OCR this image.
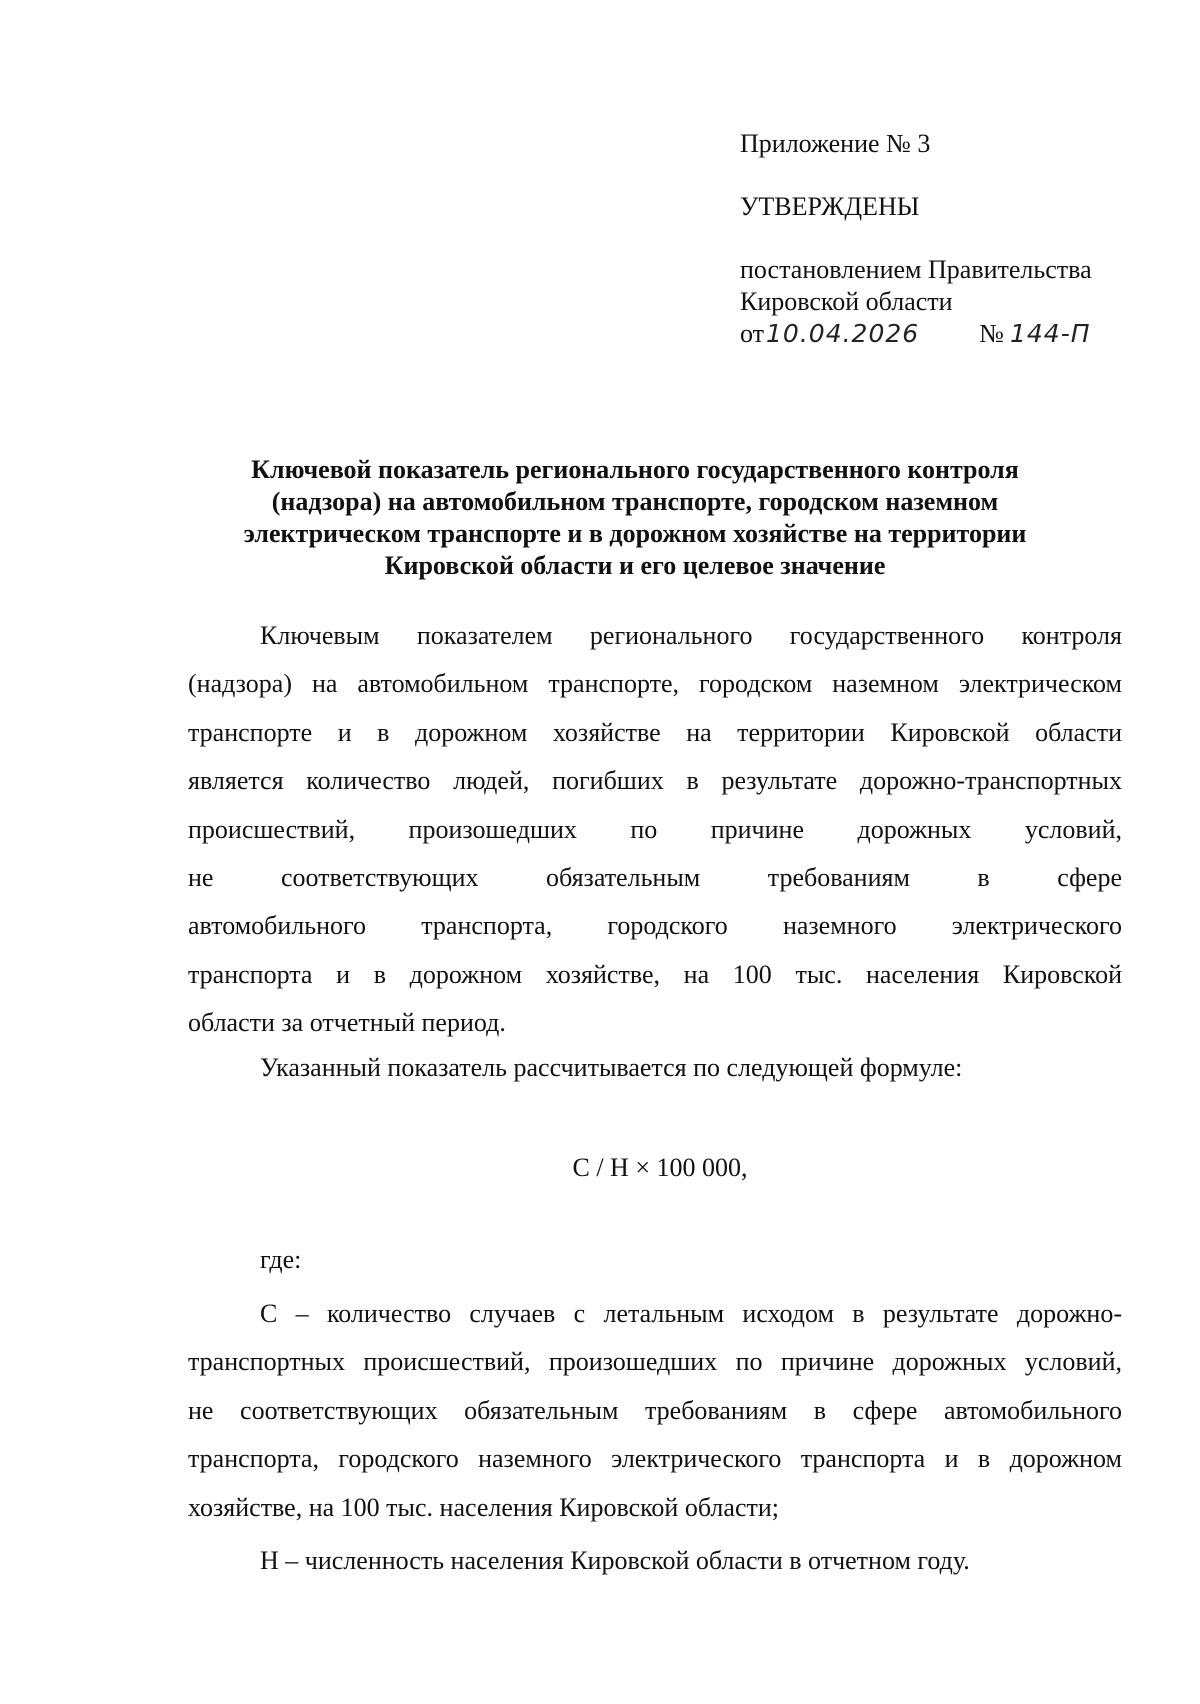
Приложение № 3
УТВЕРЖДЕНЫ
постановлением Правительства
Кировской области
от10.04.2026 № 144-П
Ключевой показатель регионального государственного контроля
(надзора) на автомобильном транспорте, городском наземном
электрическом транспорте и в дорожном хозяйстве на территории
Кировской области и его целевое значение
Ключевым показателем регионального государственного контроля
(надзора) на автомобильном транспорте, городском наземном электрическом
транспорте и в дорожном хозяйстве на территории Кировской области
является количество людей, погибших в результате дорожно-транспортных
происшествий, произошедших по причине дорожных условий,
не соответствующих обязательным требованиям в сфере
автомобильного транспорта, городского наземного электрического
транспорта и в дорожном хозяйстве, на 100 тыс. населения Кировской
области за отчетный период.
Указанный показатель рассчитывается по следующей формуле:
С / Н × 100 000,
где:
С – количество случаев с летальным исходом в результате дорожно-
транспортных происшествий, произошедших по причине дорожных условий,
не соответствующих обязательным требованиям в сфере автомобильного
транспорта, городского наземного электрического транспорта и в дорожном
хозяйстве, на 100 тыс. населения Кировской области;
Н – численность населения Кировской области в отчетном году.
